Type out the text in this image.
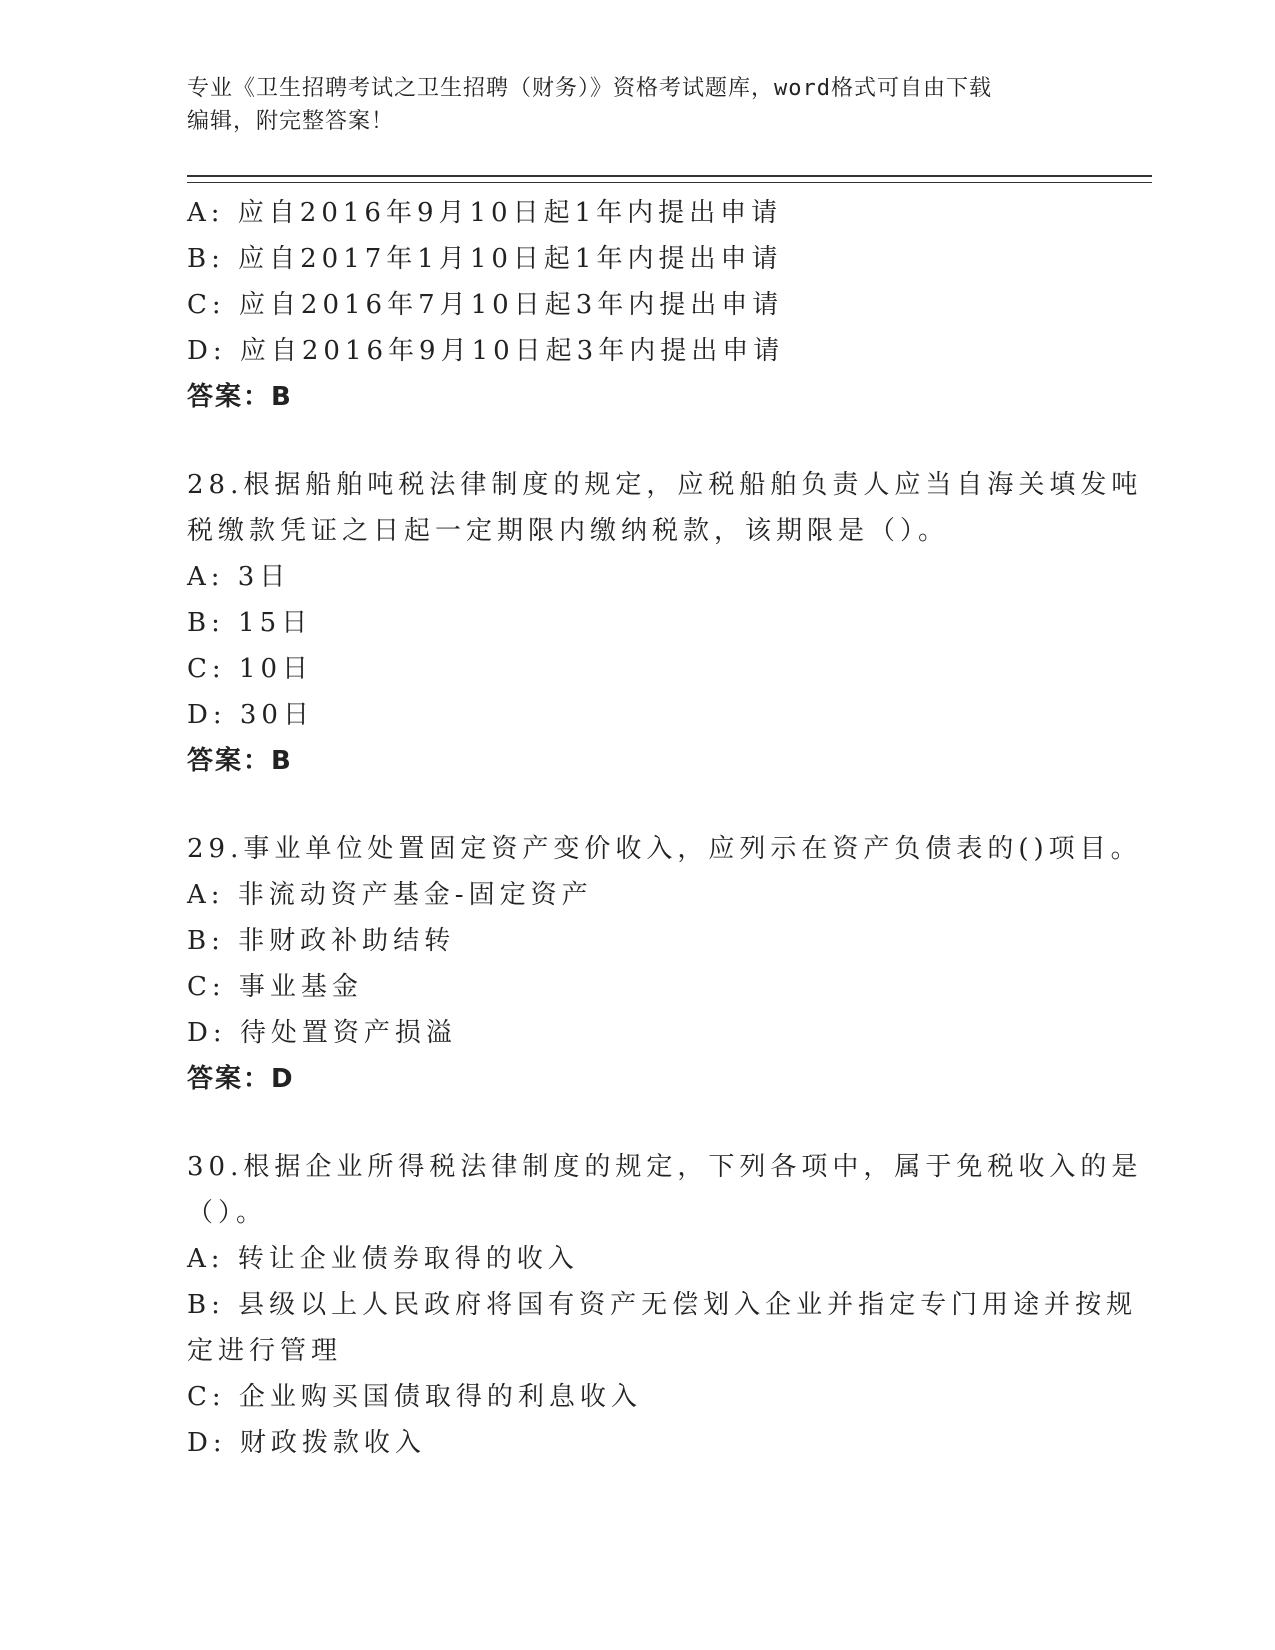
专业《卫生招聘考试之卫生招聘（财务）》资格考试题库，word格式可自由下载
编辑，附完整答案！
A: 应自2016年9月10日起1年内提出申请
B: 应自2017年1月10日起1年内提出申请
C: 应自2016年7月10日起3年内提出申请
D: 应自2016年9月10日起3年内提出申请
答案：B
28.根据船舶吨税法律制度的规定，应税船舶负责人应当自海关填发吨
税缴款凭证之日起一定期限内缴纳税款，该期限是（）。
A: 3日
B: 15日
C: 10日
D: 30日
答案：B
29.事业单位处置固定资产变价收入，应列示在资产负债表的()项目。
A: 非流动资产基金-固定资产
B: 非财政补助结转
C: 事业基金
D: 待处置资产损溢
答案：D
30.根据企业所得税法律制度的规定，下列各项中，属于免税收入的是
（）。
A: 转让企业债券取得的收入
B: 县级以上人民政府将国有资产无偿划入企业并指定专门用途并按规
定进行管理
C: 企业购买国债取得的利息收入
D: 财政拨款收入
